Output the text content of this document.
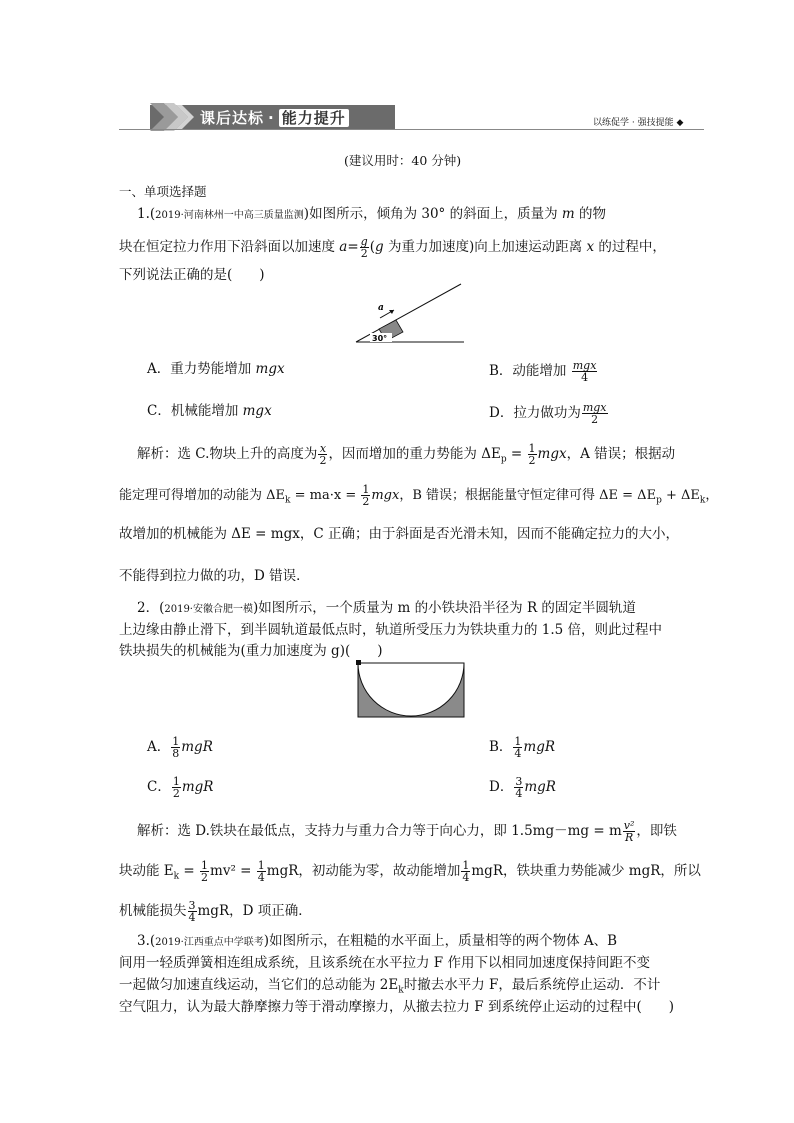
课后达标 · 能力提升	以练促学 · 强技提能 ◆
(建议用时：40 分钟)
一、单项选择题
1.(2019·河南林州一中高三质量监测)如图所示，倾角为 30° 的斜面上，质量为 m 的物
块在恒定拉力作用下沿斜面以加速度 $a= \frac{g}{2} (g$ 为重力加速度)向上加速运动距离 x 的过程中，
下列说法正确的是(　　)
a
30°
A．重力势能增加 mgx	B．动能增加 $\frac{\text{mgx}}{4}$
C．机械能增加 mgx	D．拉力做功为 $\frac{\text{mgx}}{2}$
解析：选 C.物块上升的高度为 $\frac{x}{2}$ ，因而增加的重力势能为 $\Delta E_p = \frac{1}{2}$ mgx，A 错误；根据动
能定理可得增加的动能为 $\Delta E_k = ma\cdot x = \frac{1}{2}$ mgx，B 错误；根据能量守恒定律可得 $\Delta E = \Delta E_p + \Delta E_k$，
故增加的机械能为 ΔE = mgx，C 正确；由于斜面是否光滑未知，因而不能确定拉力的大小，
不能得到拉力做的功，D 错误．
2．(2019·安徽合肥一模)如图所示，一个质量为 m 的小铁块沿半径为 R 的固定半圆轨道
上边缘由静止滑下，到半圆轨道最低点时，轨道所受压力为铁块重力的 1.5 倍，则此过程中
铁块损失的机械能为(重力加速度为 g)(　　)
A． $\frac{1}{8}$ mgR	B． $\frac{1}{4}$ mgR
C． $\frac{1}{2}$ mgR	D． $\frac{3}{4}$ mgR
解析：选 D.铁块在最低点，支持力与重力合力等于向心力，即 1.5mg－mg = m $\frac{\text{v²}}{R}$ ，即铁
块动能 $E_k = \frac{1}{2} mv^2 = \frac{1}{4}$ mgR，初动能为零，故动能增加 $\frac{1}{4}$ mgR，铁块重力势能减少 mgR，所以
机械能损失 $\frac{3}{4}$ mgR，D 项正确．
3.(2019·江西重点中学联考)如图所示，在粗糙的水平面上，质量相等的两个物体 A、B
间用一轻质弹簧相连组成系统，且该系统在水平拉力 F 作用下以相同加速度保持间距不变
一起做匀加速直线运动，当它们的总动能为 $2E_k$时撤去水平力 F，最后系统停止运动．不计
空气阻力，认为最大静摩擦力等于滑动摩擦力，从撤去拉力 F 到系统停止运动的过程中(　　)
